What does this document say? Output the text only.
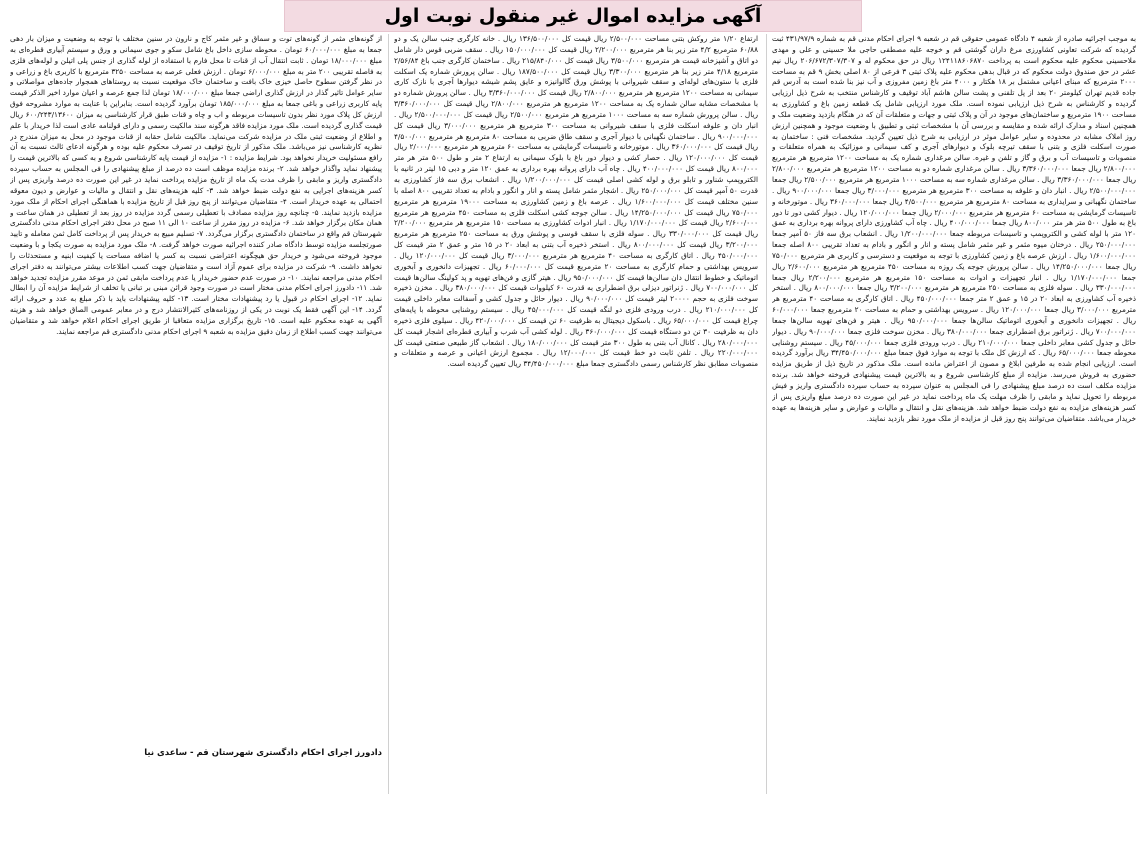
آگهی مزایده اموال غیر منقول نوبت اول
به موجب اجرائیه صادره از شعبه ۴ دادگاه عمومی حقوقی قم در شعبه ۹ اجرای احکام مدنی قم به شماره ۴۳۱/۹۷/۹ ثبت گردیده که شرکت تعاونی کشاورزی مرغ داران گوشتی قم و خوجه علیه مصطفی حاجی ملا حسینی و علی و مهدی ملاحسینی محکوم علیه محکوم است به پرداخت ۱۲۴۱۱۸۶۰۶۸۷۰ ریال در حق محکوم له و ۲۰۶/۶۷۲/۳۰۷/۳۰۷ ریال نیم عشر در حق صندوق دولت محکوم که در قبال بدهی محکوم علیه پلاک ثبتی ۳ فرعی از ۸۰ اصلی بخش ۹ قم به مساحت ۲۰۰۰ مترمربع که مبنای اعیانی مشتمل بر ۱۸ هکتار و ۴۰۰۰ متر باغ زمین مفروزی و آب نیز بنا شده است به آدرس قم جاده قدیم تهران کیلومتر ۲۰ بعد از پل تلفنی و پشت سالن هاشم آباد توقیف و کارشناس منتخب به شرح ذیل ارزیابی گردیده و کارشناس به شرح ذیل ارزیابی نموده است. ملک مورد ارزیابی شامل یک قطعه زمین باغ و کشاورزی به مساحت ۱۹۰۰ مترمربع و ساختمان‌های موجود در آن و پلاک ثبتی و جهات و متعلقات آن که در هنگام بازدید وضعیت ملک و همچنین اسناد و مدارک ارائه شده و مقایسه و بررسی آن با مشخصات ثبتی و تطبیق با وضعیت موجود و همچنین ارزش روز املاک مشابه در محدوده و سایر عوامل موثر در ارزیابی به شرح ذیل تعیین گردید. مشخصات فنی : ساختمان به صورت اسکلت فلزی و بتنی با سقف تیرچه بلوک و دیوارهای آجری و کف سیمانی و موزائیک به همراه متعلقات و منصوبات و تاسیسات آب و برق و گاز و تلفن و غیره. سالن مرغداری شماره یک به مساحت ۱۲۰۰ مترمربع هر مترمربع ۲/۸۰۰/۰۰۰ ریال جمعا ۳/۳۶۰/۰۰۰/۰۰۰ ریال . سالن مرغداری شماره دو به مساحت ۱۲۰۰ مترمربع هر مترمربع ۲/۸۰۰/۰۰۰ ریال جمعا ۳/۳۶۰/۰۰۰/۰۰۰ ریال . سالن مرغداری شماره سه به مساحت ۱۰۰۰ مترمربع هر مترمربع ۲/۵۰۰/۰۰۰ ریال جمعا ۲/۵۰۰/۰۰۰/۰۰۰ ریال . انبار دان و علوفه به مساحت ۳۰۰ مترمربع هر مترمربع ۳/۰۰۰/۰۰۰ ریال جمعا ۹۰۰/۰۰۰/۰۰۰ ریال . ساختمان نگهبانی و سرایداری به مساحت ۸۰ مترمربع هر مترمربع ۴/۵۰۰/۰۰۰ ریال جمعا ۳۶۰/۰۰۰/۰۰۰ ریال . موتورخانه و تاسیسات گرمایشی به مساحت ۶۰ مترمربع هر مترمربع ۲/۰۰۰/۰۰۰ ریال جمعا ۱۲۰/۰۰۰/۰۰۰ ریال . دیوار کشی دور تا دور باغ به طول ۵۰۰ متر هر متر ۸۰۰/۰۰۰ ریال جمعا ۴۰۰/۰۰۰/۰۰۰ ریال . چاه آب کشاورزی دارای پروانه بهره برداری به عمق ۱۲۰ متر با لوله کشی و الکتروپمپ و تاسیسات مربوطه جمعا ۱/۲۰۰/۰۰۰/۰۰۰ ریال . انشعاب برق سه فاز ۵۰ آمپر جمعا ۲۵۰/۰۰۰/۰۰۰ ریال . درختان میوه مثمر و غیر مثمر شامل پسته و انار و انگور و بادام به تعداد تقریبی ۸۰۰ اصله جمعا ۱/۶۰۰/۰۰۰/۰۰۰ ریال . ارزش عرصه باغ و زمین کشاورزی با توجه به موقعیت و دسترسی و کاربری هر مترمربع ۷۵۰/۰۰۰ ریال جمعا ۱۴/۲۵۰/۰۰۰/۰۰۰ ریال . سالن پرورش جوجه یک روزه به مساحت ۴۵۰ مترمربع هر مترمربع ۲/۶۰۰/۰۰۰ ریال جمعا ۱/۱۷۰/۰۰۰/۰۰۰ ریال . انبار تجهیزات و ادوات به مساحت ۱۵۰ مترمربع هر مترمربع ۲/۲۰۰/۰۰۰ ریال جمعا ۳۳۰/۰۰۰/۰۰۰ ریال . سوله فلزی به مساحت ۲۵۰ مترمربع هر مترمربع ۳/۲۰۰/۰۰۰ ریال جمعا ۸۰۰/۰۰۰/۰۰۰ ریال . استخر ذخیره آب کشاورزی به ابعاد ۲۰ در ۱۵ و عمق ۲ متر جمعا ۴۵۰/۰۰۰/۰۰۰ ریال . اتاق کارگری به مساحت ۴۰ مترمربع هر مترمربع ۳/۰۰۰/۰۰۰ ریال جمعا ۱۲۰/۰۰۰/۰۰۰ ریال . سرویس بهداشتی و حمام به مساحت ۲۰ مترمربع جمعا ۶۰/۰۰۰/۰۰۰ ریال . تجهیزات دانخوری و آبخوری اتوماتیک سالن‌ها جمعا ۹۵۰/۰۰۰/۰۰۰ ریال . هیتر و فن‌های تهویه سالن‌ها جمعا ۷۰۰/۰۰۰/۰۰۰ ریال . ژنراتور برق اضطراری جمعا ۳۸۰/۰۰۰/۰۰۰ ریال . مخزن سوخت فلزی جمعا ۹۰/۰۰۰/۰۰۰ ریال . دیوار حائل و جدول کشی معابر داخلی جمعا ۲۱۰/۰۰۰/۰۰۰ ریال . درب ورودی فلزی جمعا ۴۵/۰۰۰/۰۰۰ ریال . سیستم روشنایی محوطه جمعا ۶۵/۰۰۰/۰۰۰ ریال . که ارزش کل ملک با توجه به موارد فوق جمعا مبلغ ۳۴/۴۵۰/۰۰۰/۰۰۰ ریال برآورد گردیده است. ارزیابی انجام شده به طرفین ابلاغ و مصون از اعتراض مانده است. ملک مذکور در تاریخ ذیل از طریق مزایده حضوری به فروش می‌رسد. مزایده از مبلغ کارشناسی شروع و به بالاترین قیمت پیشنهادی فروخته خواهد شد. برنده مزایده مکلف است ده درصد مبلغ پیشنهادی را فی المجلس به عنوان سپرده به حساب سپرده دادگستری واریز و فیش مربوطه را تحویل نماید و مابقی را ظرف مهلت یک ماه پرداخت نماید در غیر این صورت ده درصد مبلغ واریزی پس از کسر هزینه‌های مزایده به نفع دولت ضبط خواهد شد. هزینه‌های نقل و انتقال و مالیات و عوارض و سایر هزینه‌ها به عهده خریدار می‌باشد. متقاضیان می‌توانند پنج روز قبل از مزایده از ملک مورد نظر بازدید نمایند.
ارتفاع ۱/۲۰ متر روکش بتنی مساحت ۲/۵۰۰/۰۰۰ ریال قیمت کل ۱۳۶/۵۰۰/۰۰۰ ریال . خانه کارگری جنب سالن یک و دو ۶۰/۸۸ مترمربع ۴/۲ متر زیر بنا هر مترمربع ۲/۲۰۰/۰۰۰ ریال قیمت کل ۱۵۰/۰۰۰/۰۰۰ ریال . سقف ضربی قوس دار شامل دو اتاق و آشپزخانه قیمت هر مترمربع ۳/۵۰۰/۰۰۰ ریال قیمت کل ۲۱۵/۸۴۰/۰۰۰ ریال . ساختمان کارگری جنب باغ ۲/۵۶/۸۴ مترمربع ۴/۱۸ متر زیر بنا هر مترمربع ۳/۳۰۰/۰۰۰ ریال قیمت کل ۱۸۷/۵۰۰/۰۰۰ ریال . سالن پرورش شماره یک اسکلت فلزی با ستون‌های لوله‌ای و سقف شیروانی با پوشش ورق گالوانیزه و عایق پشم شیشه دیوارها آجری با نازک کاری سیمانی به مساحت ۱۲۰۰ مترمربع هر مترمربع ۲/۸۰۰/۰۰۰ ریال قیمت کل ۳/۳۶۰/۰۰۰/۰۰۰ ریال . سالن پرورش شماره دو با مشخصات مشابه سالن شماره یک به مساحت ۱۲۰۰ مترمربع هر مترمربع ۲/۸۰۰/۰۰۰ ریال قیمت کل ۳/۳۶۰/۰۰۰/۰۰۰ ریال . سالن پرورش شماره سه به مساحت ۱۰۰۰ مترمربع هر مترمربع ۲/۵۰۰/۰۰۰ ریال قیمت کل ۲/۵۰۰/۰۰۰/۰۰۰ ریال . انبار دان و علوفه اسکلت فلزی با سقف شیروانی به مساحت ۳۰۰ مترمربع هر مترمربع ۳/۰۰۰/۰۰۰ ریال قیمت کل ۹۰۰/۰۰۰/۰۰۰ ریال . ساختمان نگهبانی با دیوار آجری و سقف طاق ضربی به مساحت ۸۰ مترمربع هر مترمربع ۴/۵۰۰/۰۰۰ ریال قیمت کل ۳۶۰/۰۰۰/۰۰۰ ریال . موتورخانه و تاسیسات گرمایشی به مساحت ۶۰ مترمربع هر مترمربع ۲/۰۰۰/۰۰۰ ریال قیمت کل ۱۲۰/۰۰۰/۰۰۰ ریال . حصار کشی و دیوار دور باغ با بلوک سیمانی به ارتفاع ۲ متر و طول ۵۰۰ متر هر متر ۸۰۰/۰۰۰ ریال قیمت کل ۴۰۰/۰۰۰/۰۰۰ ریال . چاه آب دارای پروانه بهره برداری به عمق ۱۲۰ متر و دبی ۱۵ لیتر در ثانیه با الکتروپمپ شناور و تابلو برق و لوله کشی اصلی قیمت کل ۱/۲۰۰/۰۰۰/۰۰۰ ریال . انشعاب برق سه فاز کشاورزی به قدرت ۵۰ آمپر قیمت کل ۲۵۰/۰۰۰/۰۰۰ ریال . اشجار مثمر شامل پسته و انار و انگور و بادام به تعداد تقریبی ۸۰۰ اصله با سنین مختلف قیمت کل ۱/۶۰۰/۰۰۰/۰۰۰ ریال . عرصه باغ و زمین کشاورزی به مساحت ۱۹۰۰۰ مترمربع هر مترمربع ۷۵۰/۰۰۰ ریال قیمت کل ۱۴/۲۵۰/۰۰۰/۰۰۰ ریال . سالن جوجه کشی اسکلت فلزی به مساحت ۴۵۰ مترمربع هر مترمربع ۲/۶۰۰/۰۰۰ ریال قیمت کل ۱/۱۷۰/۰۰۰/۰۰۰ ریال . انبار ادوات کشاورزی به مساحت ۱۵۰ مترمربع هر مترمربع ۲/۲۰۰/۰۰۰ ریال قیمت کل ۳۳۰/۰۰۰/۰۰۰ ریال . سوله فلزی با سقف قوسی و پوشش ورق به مساحت ۲۵۰ مترمربع هر مترمربع ۳/۲۰۰/۰۰۰ ریال قیمت کل ۸۰۰/۰۰۰/۰۰۰ ریال . استخر ذخیره آب بتنی به ابعاد ۲۰ در ۱۵ متر و عمق ۲ متر قیمت کل ۴۵۰/۰۰۰/۰۰۰ ریال . اتاق کارگری به مساحت ۴۰ مترمربع هر مترمربع ۳/۰۰۰/۰۰۰ ریال قیمت کل ۱۲۰/۰۰۰/۰۰۰ ریال . سرویس بهداشتی و حمام کارگری به مساحت ۲۰ مترمربع قیمت کل ۶۰/۰۰۰/۰۰۰ ریال . تجهیزات دانخوری و آبخوری اتوماتیک و خطوط انتقال دان سالن‌ها قیمت کل ۹۵۰/۰۰۰/۰۰۰ ریال . هیتر گازی و فن‌های تهویه و پد کولینگ سالن‌ها قیمت کل ۷۰۰/۰۰۰/۰۰۰ ریال . ژنراتور دیزلی برق اضطراری به قدرت ۶۰ کیلووات قیمت کل ۳۸۰/۰۰۰/۰۰۰ ریال . مخزن ذخیره سوخت فلزی به حجم ۲۰۰۰۰ لیتر قیمت کل ۹۰/۰۰۰/۰۰۰ ریال . دیوار حائل و جدول کشی و آسفالت معابر داخلی قیمت کل ۲۱۰/۰۰۰/۰۰۰ ریال . درب ورودی فلزی دو لنگه قیمت کل ۴۵/۰۰۰/۰۰۰ ریال . سیستم روشنایی محوطه با پایه‌های چراغ قیمت کل ۶۵/۰۰۰/۰۰۰ ریال . باسکول دیجیتال به ظرفیت ۶۰ تن قیمت کل ۴۲۰/۰۰۰/۰۰۰ ریال . سیلوی فلزی ذخیره دان به ظرفیت ۳۰ تن دو دستگاه قیمت کل ۳۶۰/۰۰۰/۰۰۰ ریال . لوله کشی آب شرب و آبیاری قطره‌ای اشجار قیمت کل ۲۸۰/۰۰۰/۰۰۰ ریال . کانال آب بتنی به طول ۳۰۰ متر قیمت کل ۱۸۰/۰۰۰/۰۰۰ ریال . انشعاب گاز طبیعی صنعتی قیمت کل ۲۲۰/۰۰۰/۰۰۰ ریال . تلفن ثابت دو خط قیمت کل ۱۲/۰۰۰/۰۰۰ ریال . مجموع ارزش اعیانی و عرصه و متعلقات و منصوبات مطابق نظر کارشناس رسمی دادگستری جمعا مبلغ ۳۴/۴۵۰/۰۰۰/۰۰۰ ریال تعیین گردیده است.
از گونه‌های مثمر از گونه‌های توت و سماق و غیر مثمر کاج و نارون در سنین مختلف با توجه به وضعیت و میزان بار دهی جمعا به مبلغ ۶۰/۰۰۰/۰۰۰ تومان . محوطه سازی داخل باغ شامل سکو و جوی سیمانی و ورق و سیستم آبیاری قطره‌ای به مبلغ ۱۸/۰۰۰/۰۰۰ تومان . ثابت انتقال آب از قنات تا محل فارم با استفاده از لوله گذاری از جنس پلی اتیلن و لوله‌های فلزی به فاصله تقریبی ۲۰۰ متر به مبلغ ۶/۰۰۰/۰۰۰ تومان . ارزش فعلی عرصه به مساحت ۳۲۵۰ مترمربع با کاربری باغ و زراعی و در نظر گرفتن سطوح حاصل خیزی خاک بافت و ساختمان خاک موقعیت نسبت به روستاهای همجوار جاده‌های مواصلاتی و سایر عوامل تاثیر گذار در ارزش گذاری اراضی جمعا مبلغ ۱۸/۰۰۰/۰۰۰ تومان لذا جمع عرصه و اعیان موارد اخیر الذکر قیمت پایه کاربری زراعی و باغی جمعا به مبلغ ۱۸۵/۰۰۰/۰۰۰ تومان برآورد گردیده است. بنابراین با عنایت به موارد مشروحه فوق ارزش کل پلاک مورد نظر بدون تاسیسات مربوطه و اب و چاه و قنات طبق قرار کارشناسی به میزان ۶۰۰/۲۴۳/۱۳۶۰۰ ریال قیمت گذاری گردیده است. ملک مورد مزایده فاقد هرگونه سند مالکیت رسمی و دارای قولنامه عادی است لذا خریدار با علم و اطلاع از وضعیت ثبتی ملک در مزایده شرکت می‌نماید. مالکیت شامل حقابه از قنات موجود در محل به میزان مندرج در نظریه کارشناسی نیز می‌باشد. ملک مذکور از تاریخ توقیف در تصرف محکوم علیه بوده و هرگونه ادعای ثالث نسبت به آن رافع مسئولیت خریدار نخواهد بود. شرایط مزایده : ۱- مزایده از قیمت پایه کارشناسی شروع و به کسی که بالاترین قیمت را پیشنهاد نماید واگذار خواهد شد. ۲- برنده مزایده موظف است ده درصد از مبلغ پیشنهادی را فی المجلس به حساب سپرده دادگستری واریز و مابقی را ظرف مدت یک ماه از تاریخ مزایده پرداخت نماید در غیر این صورت ده درصد واریزی پس از کسر هزینه‌های اجرایی به نفع دولت ضبط خواهد شد. ۳- کلیه هزینه‌های نقل و انتقال و مالیات و عوارض و دیون معوقه احتمالی به عهده خریدار است. ۴- متقاضیان می‌توانند از پنج روز قبل از تاریخ مزایده با هماهنگی اجرای احکام از ملک مورد مزایده بازدید نمایند. ۵- چنانچه روز مزایده مصادف با تعطیلی رسمی گردد مزایده در روز بعد از تعطیلی در همان ساعت و همان مکان برگزار خواهد شد. ۶- مزایده در روز مقرر از ساعت ۱۰ الی ۱۱ صبح در محل دفتر اجرای احکام مدنی دادگستری شهرستان قم واقع در ساختمان دادگستری برگزار می‌گردد. ۷- تسلیم مبیع به خریدار پس از پرداخت کامل ثمن معامله و تایید صورتجلسه مزایده توسط دادگاه صادر کننده اجرائیه صورت خواهد گرفت. ۸- ملک مورد مزایده به صورت یکجا و با وضعیت موجود فروخته می‌شود و خریدار حق هیچگونه اعتراضی نسبت به کسر یا اضافه مساحت یا کیفیت ابنیه و مستحدثات را نخواهد داشت. ۹- شرکت در مزایده برای عموم آزاد است و متقاضیان جهت کسب اطلاعات بیشتر می‌توانند به دفتر اجرای احکام مدنی مراجعه نمایند. ۱۰- در صورت عدم حضور خریدار یا عدم پرداخت مابقی ثمن در موعد مقرر مزایده تجدید خواهد شد. ۱۱- دادورز اجرای احکام مدنی مختار است در صورت وجود قرائن مبنی بر تبانی یا تخلف از شرایط مزایده آن را ابطال نماید. ۱۲- اجرای احکام در قبول یا رد پیشنهادات مختار است. ۱۳- کلیه پیشنهادات باید با ذکر مبلغ به عدد و حروف ارائه گردد. ۱۴- این آگهی فقط یک نوبت در یکی از روزنامه‌های کثیرالانتشار درج و در معابر عمومی الصاق خواهد شد و هزینه آگهی به عهده محکوم علیه است. ۱۵- تاریخ برگزاری مزایده متعاقبا از طریق اجرای احکام اعلام خواهد شد و متقاضیان می‌توانند جهت کسب اطلاع از زمان دقیق مزایده به شعبه ۹ اجرای احکام مدنی دادگستری قم مراجعه نمایند.
دادورز اجرای احکام دادگستری شهرستان قم - ساعدی نیا
